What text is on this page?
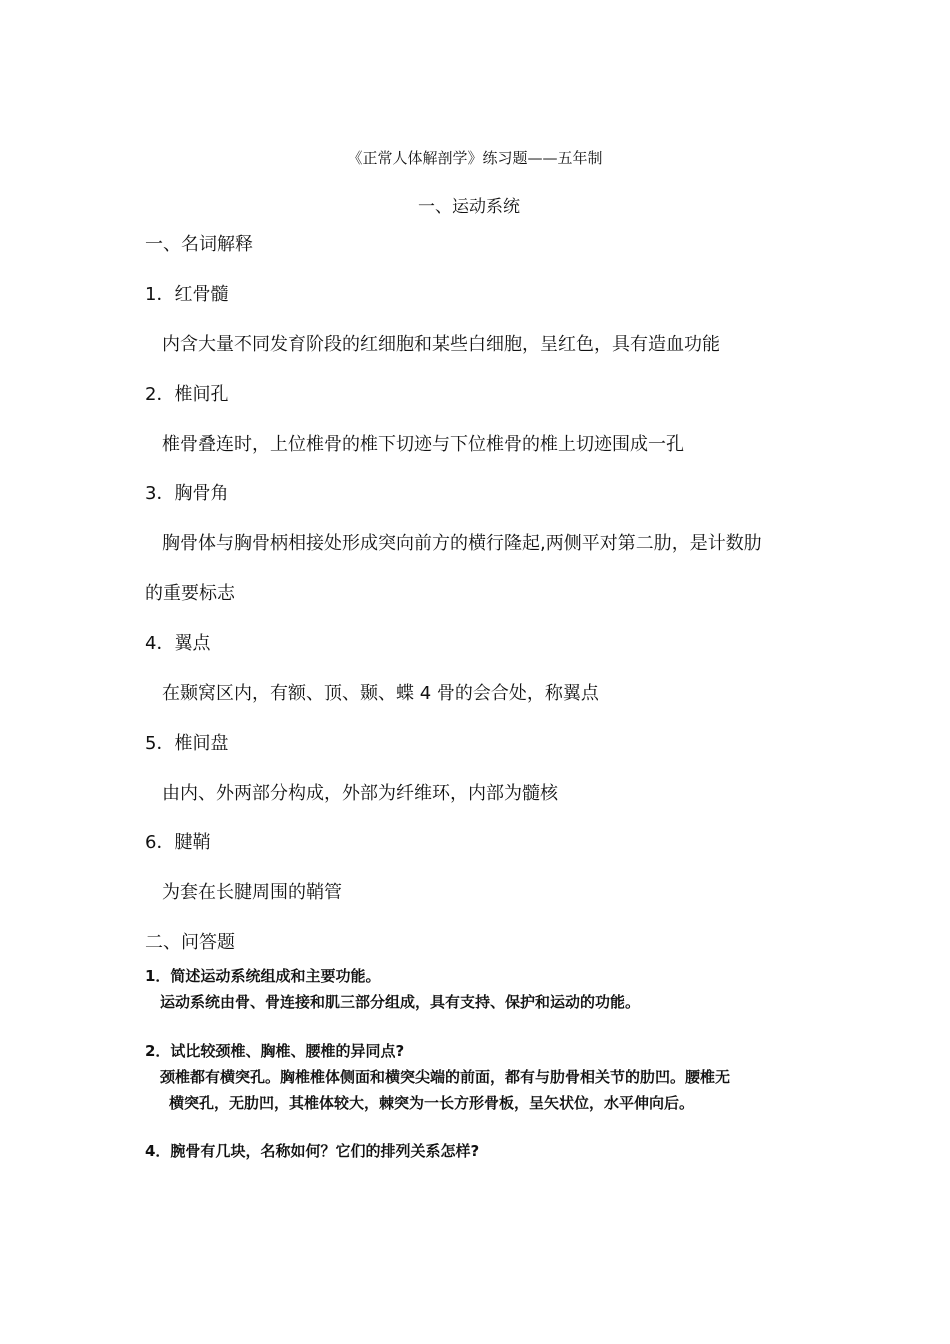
《正常人体解剖学》练习题——五年制
一、运动系统
一、名词解释
1．红骨髓
内含大量不同发育阶段的红细胞和某些白细胞，呈红色，具有造血功能
2．椎间孔
椎骨叠连时，上位椎骨的椎下切迹与下位椎骨的椎上切迹围成一孔
3．胸骨角
胸骨体与胸骨柄相接处形成突向前方的横行隆起,两侧平对第二肋，是计数肋
的重要标志
4．翼点
在颞窝区内，有额、顶、颞、蝶 4 骨的会合处，称翼点
5．椎间盘
由内、外两部分构成，外部为纤维环，内部为髓核
6．腱鞘
为套在长腱周围的鞘管
二、问答题
1．简述运动系统组成和主要功能。
运动系统由骨、骨连接和肌三部分组成，具有支持、保护和运动的功能。
2．试比较颈椎、胸椎、腰椎的异同点?
颈椎都有横突孔。胸椎椎体侧面和横突尖端的前面，都有与肋骨相关节的肋凹。腰椎无
横突孔，无肋凹，其椎体较大，棘突为一长方形骨板，呈矢状位，水平伸向后。
4．腕骨有几块，名称如何？它们的排列关系怎样?
